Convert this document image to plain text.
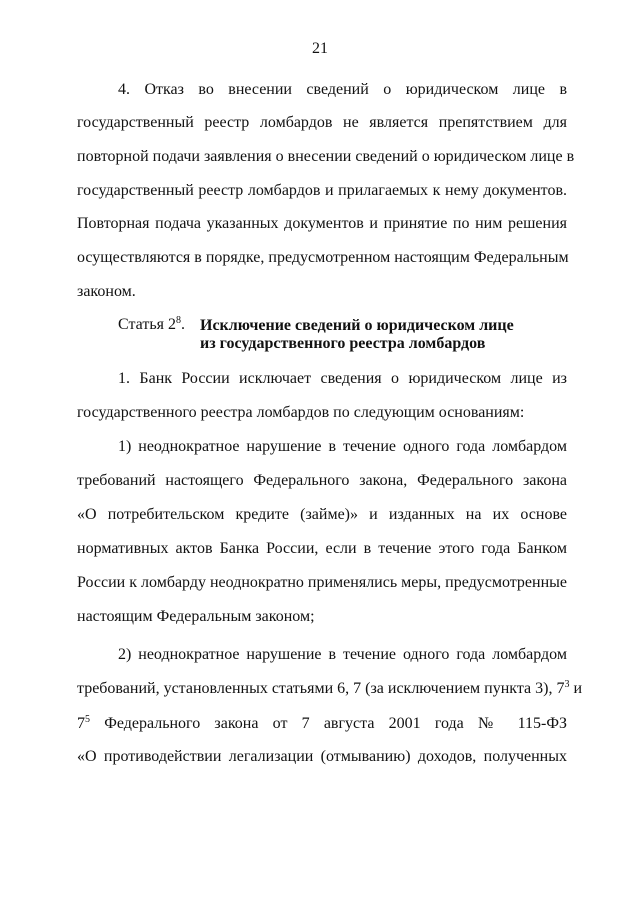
21
4. Отказ во внесении сведений о юридическом лице в
государственный реестр ломбардов не является препятствием для
повторной подачи заявления о внесении сведений о юридическом лице в
государственный реестр ломбардов и прилагаемых к нему документов.
Повторная подача указанных документов и принятие по ним решения
осуществляются в порядке, предусмотренном настоящим Федеральным
законом.
Статья $2^8$. Исключение сведений о юридическом лице
из государственного реестра ломбардов
1. Банк России исключает сведения о юридическом лице из
государственного реестра ломбардов по следующим основаниям:
1) неоднократное нарушение в течение одного года ломбардом
требований настоящего Федерального закона, Федерального закона
«О потребительском кредите (займе)» и изданных на их основе
нормативных актов Банка России, если в течение этого года Банком
России к ломбарду неоднократно применялись меры, предусмотренные
настоящим Федеральным законом;
2) неоднократное нарушение в течение одного года ломбардом
требований, установленных статьями 6, 7 (за исключением пункта 3), $7^3$ и
$7^5$ Федерального закона от 7 августа 2001 года № 115-ФЗ
«О противодействии легализации (отмыванию) доходов, полученных
